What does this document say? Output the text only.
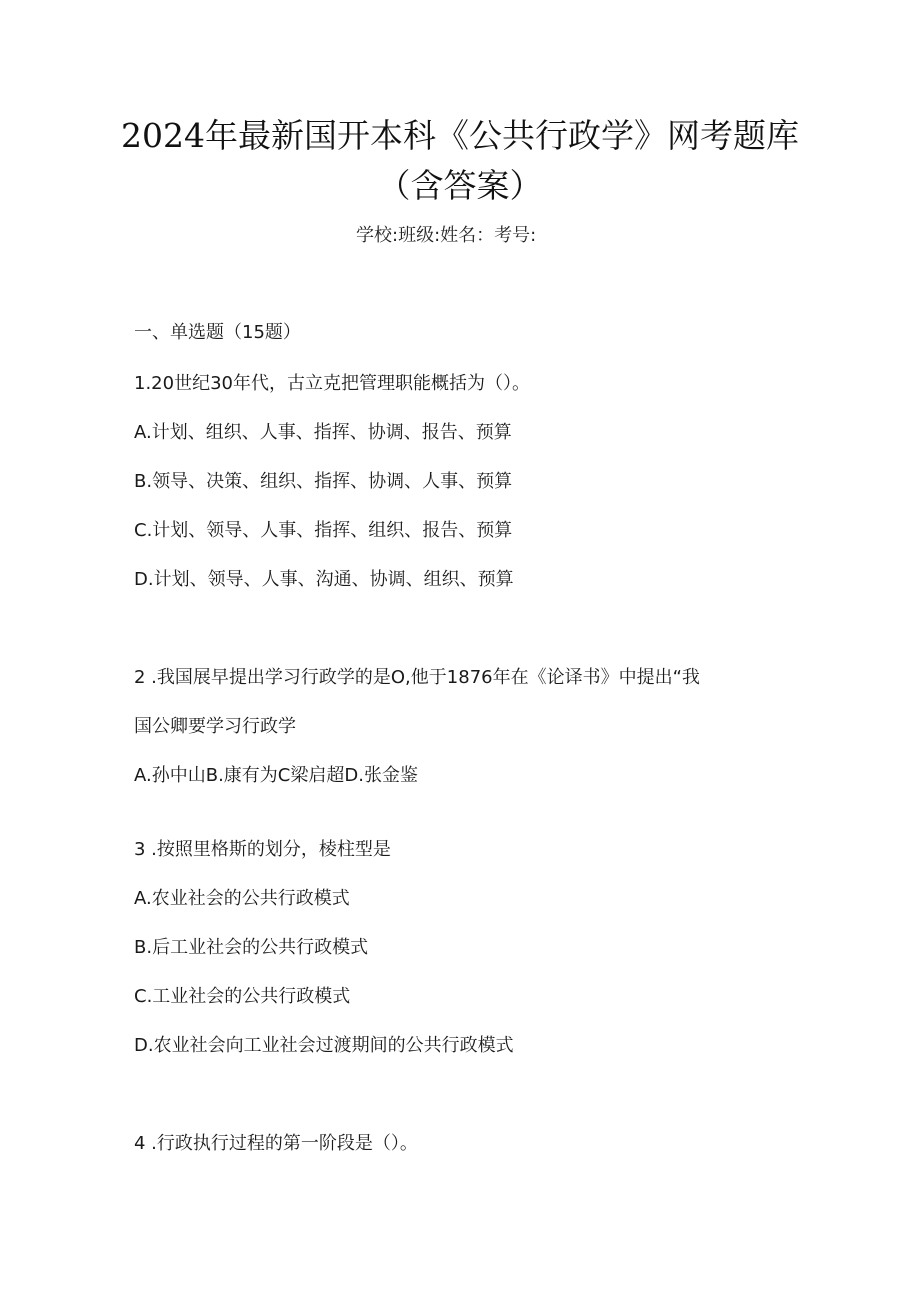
2024年最新国开本科《公共行政学》网考题库
（含答案）
学校:班级:姓名：考号:
一、单选题（15题）
1.20世纪30年代，古立克把管理职能概括为（）。
A.计划、组织、人事、指挥、协调、报告、预算
B.领导、决策、组织、指挥、协调、人事、预算
C.计划、领导、人事、指挥、组织、报告、预算
D.计划、领导、人事、沟通、协调、组织、预算
2 .我国展早提出学习行政学的是O,他于1876年在《论译书》中提出“我
国公卿要学习行政学
A.孙中山B.康有为C梁启超D.张金鉴
3 .按照里格斯的划分，棱柱型是
A.农业社会的公共行政模式
B.后工业社会的公共行政模式
C.工业社会的公共行政模式
D.农业社会向工业社会过渡期间的公共行政模式
4 .行政执行过程的第一阶段是（）。
